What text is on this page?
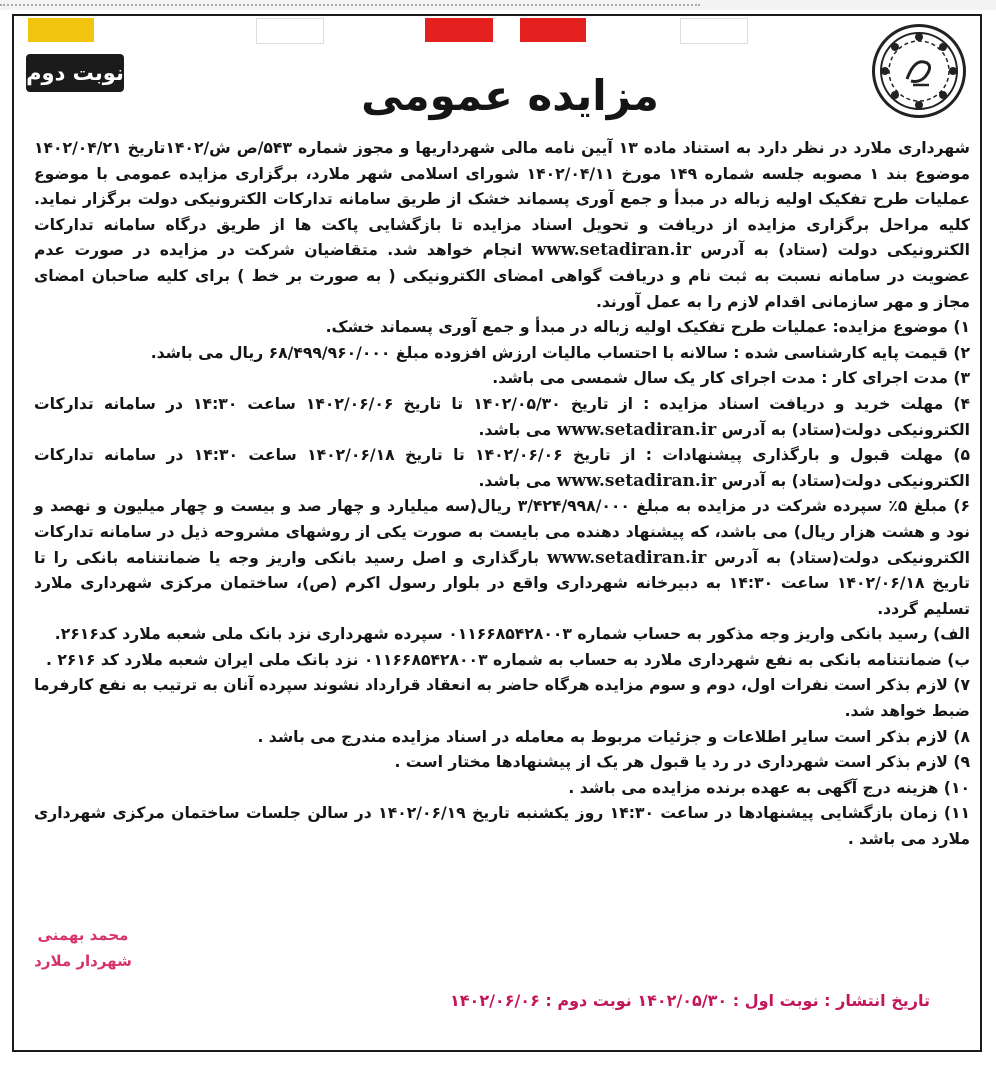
نوبت دوم	مزایده عمومی

شهرداری ملارد در نظر دارد به استناد ماده ۱۳ آیین نامه مالی شهرداریها و مجوز شماره ۵۴۳/ص ش/۱۴۰۲تاریخ ۱۴۰۲/۰۴/۲۱ موضوع بند ۱ مصوبه جلسه شماره ۱۴۹ مورخ ۱۴۰۲/۰۴/۱۱ شورای اسلامی شهر ملارد، برگزاری مزایده عمومی با موضوع عملیات طرح تفکیک اولیه زباله در مبدأ و جمع آوری پسماند خشک از طریق سامانه تدارکات الکترونیکی دولت برگزار نماید. کلیه مراحل برگزاری مزایده از دریافت و تحویل اسناد مزایده تا بازگشایی پاکت ها از طریق درگاه سامانه تدارکات الکترونیکی دولت (ستاد) به آدرس www.setadiran.ir انجام خواهد شد. متقاضیان شرکت در مزایده در صورت عدم عضویت در سامانه نسبت به ثبت نام و دریافت گواهی امضای الکترونیکی ( به صورت بر خط ) برای کلیه صاحبان امضای مجاز و مهر سازمانی اقدام لازم را به عمل آورند.

۱) موضوع مزایده: عملیات طرح تفکیک اولیه زباله در مبدأ و جمع آوری پسماند خشک.

۲) قیمت پایه کارشناسی شده : سالانه با احتساب مالیات ارزش افزوده مبلغ ۶۸/۴۹۹/۹۶۰/۰۰۰ ریال می باشد.

۳) مدت اجرای کار : مدت اجرای کار یک سال شمسی می باشد.

۴) مهلت خرید و دریافت اسناد مزایده : از تاریخ ۱۴۰۲/۰۵/۳۰ تا تاریخ ۱۴۰۲/۰۶/۰۶ ساعت ۱۴:۳۰ در سامانه تدارکات الکترونیکی دولت(ستاد) به آدرس www.setadiran.ir می باشد.

۵) مهلت قبول و بارگذاری پیشنهادات : از تاریخ ۱۴۰۲/۰۶/۰۶ تا تاریخ ۱۴۰۲/۰۶/۱۸ ساعت ۱۴:۳۰ در سامانه تدارکات الکترونیکی دولت(ستاد) به آدرس www.setadiran.ir می باشد.

۶) مبلغ ۵٪ سپرده شرکت در مزایده به مبلغ ۳/۴۲۴/۹۹۸/۰۰۰ ریال(سه میلیارد و چهار صد و بیست و چهار میلیون و نهصد و نود و هشت هزار ریال) می باشد، که پیشنهاد دهنده می بایست به صورت یکی از روشهای مشروحه ذیل در سامانه تدارکات الکترونیکی دولت(ستاد) به آدرس www.setadiran.ir بارگذاری و اصل رسید بانکی واریز وجه یا ضمانتنامه بانکی را تا تاریخ ۱۴۰۲/۰۶/۱۸ ساعت ۱۴:۳۰ به دبیرخانه شهرداری واقع در بلوار رسول اکرم (ص)، ساختمان مرکزی شهرداری ملارد تسلیم گردد.

الف) رسید بانکی واریز وجه مذکور به حساب شماره ۰۱۱۶۶۸۵۴۲۸۰۰۳ سپرده شهرداری نزد بانک ملی شعبه ملارد کد۲۶۱۶.

ب) ضمانتنامه بانکی به نفع شهرداری ملارد به حساب به شماره ۰۱۱۶۶۸۵۴۲۸۰۰۳ نزد بانک ملی ایران شعبه ملارد کد ۲۶۱۶ .

۷) لازم بذکر است نفرات اول، دوم و سوم مزایده هرگاه حاضر به انعقاد قرارداد نشوند سپرده آنان به ترتیب به نفع کارفرما ضبط خواهد شد.

۸) لازم بذکر است سایر اطلاعات و جزئیات مربوط به معامله در اسناد مزایده مندرج می باشد .

۹) لازم بذکر است شهرداری در رد یا قبول هر یک از پیشنهادها مختار است .

۱۰) هزینه درج آگهی به عهده برنده مزایده می باشد .

۱۱) زمان بازگشایی پیشنهادها در ساعت ۱۴:۳۰ روز یکشنبه تاریخ ۱۴۰۲/۰۶/۱۹ در سالن جلسات ساختمان مرکزی شهرداری ملارد می باشد .

محمد بهمنی
شهردار ملارد
تاریخ انتشار : نوبت اول : ۱۴۰۲/۰۵/۳۰ نوبت دوم : ۱۴۰۲/۰۶/۰۶
